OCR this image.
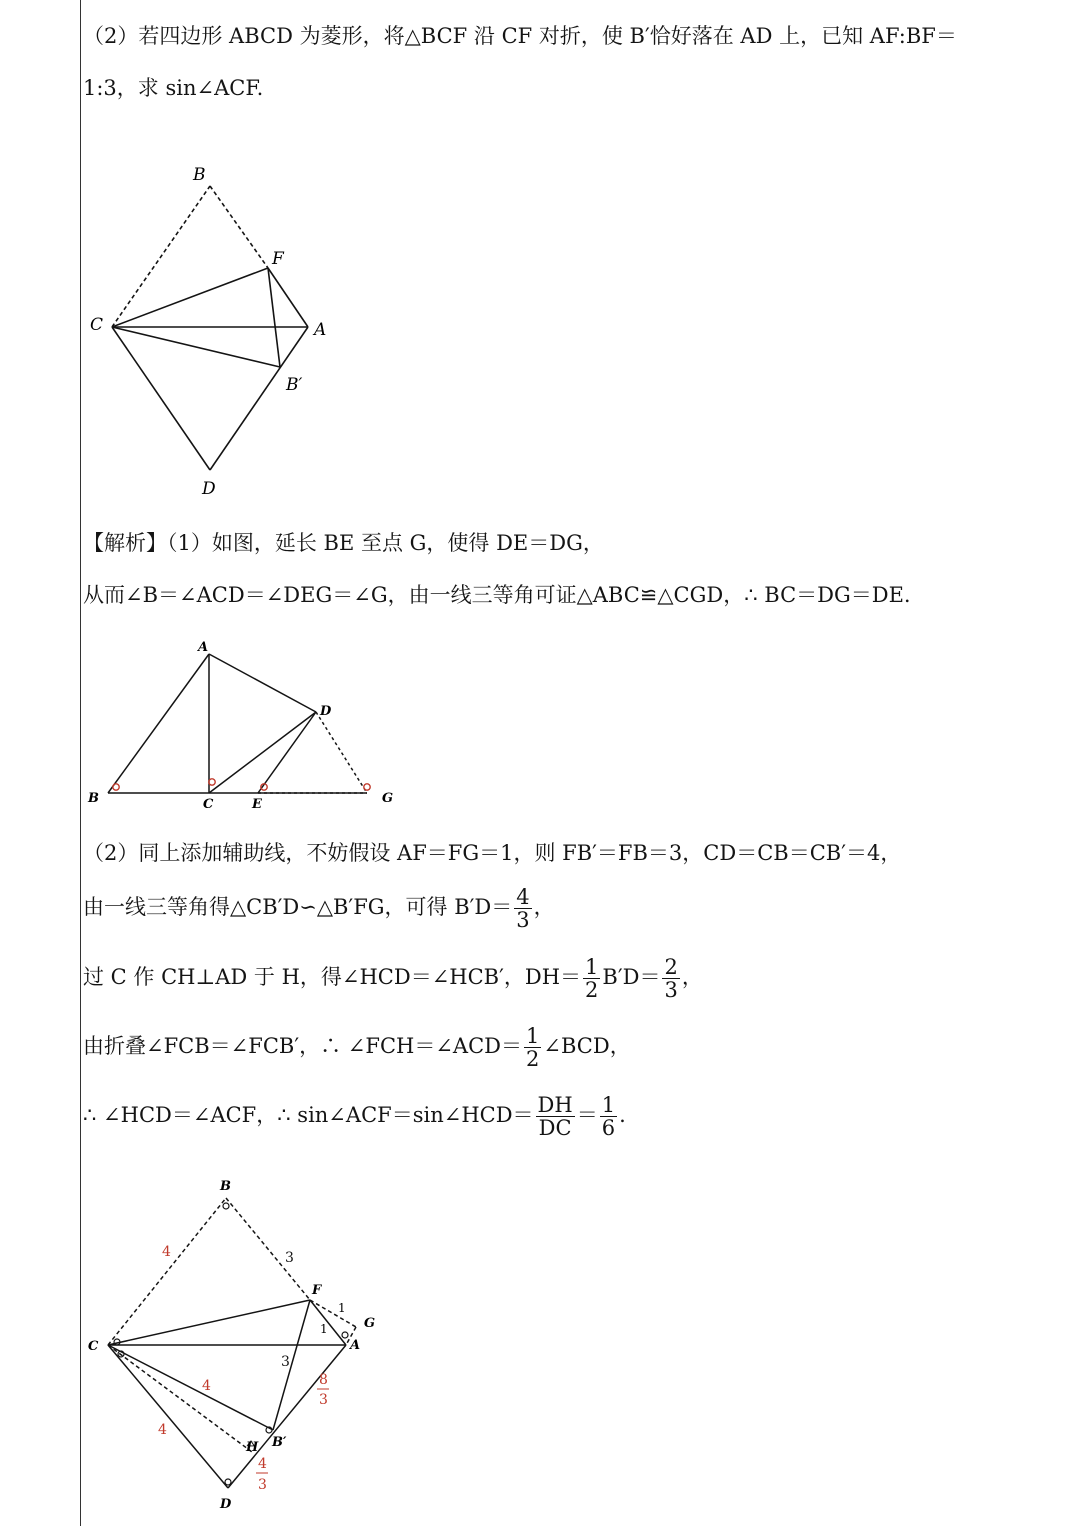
（2）若四边形 ABCD 为菱形，将△BCF 沿 CF 对折，使 B′恰好落在 AD 上，已知 AF:BF＝
1:3，求 sin∠ACF.
B
F
C	A
B′
D
【解析】（1）如图，延长 BE 至点 G，使得 DE＝DG，
从而∠B＝∠ACD＝∠DEG＝∠G，由一线三等角可证△ABC≌△CGD，∴ BC＝DG＝DE.
A
D
B	C	E	G
（2）同上添加辅助线，不妨假设 AF＝FG＝1，则 FB′＝FB＝3，CD＝CB＝CB′＝4，
由一线三等角得△CB′D∽△B′FG，可得 $B'D= \frac{4}{3}$ ，
过 C 作 CH⊥AD 于 H，得∠HCD＝∠HCB′，$DH= \frac{1}{2} B'D= \frac{2}{3}$ ，
由折叠∠FCB＝∠FCB′，∴ ∠FCH＝∠ACD＝ $\frac{1}{2}$ ∠BCD，
∴ ∠HCD＝∠ACF，∴ sin∠ACF＝sin∠HCD＝ $\frac{DH}{DC} = \frac{1}{6}$ .
B
F
G
C	A
B′
H
D
1
1
4	3
3
4
4
8
3
4
3
